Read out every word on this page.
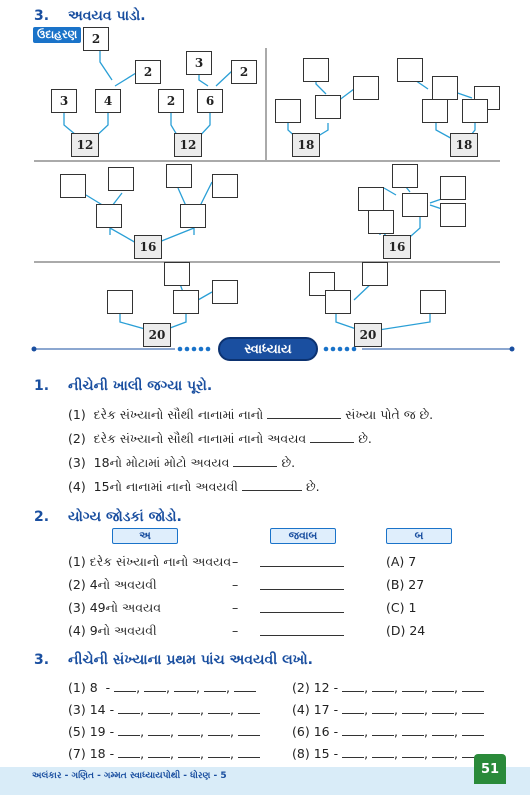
3. અવયવ પાડો.
ઉદાહરણ	2
2
3	4
12
3
2
2	6
12	18	18
16	16
20	20
સ્વાધ્યાય
1. નીચેની ખાલી જગ્યા પૂરો.
(1) દરેક સંખ્યાનો સૌથી નાનામાં નાનો	સંખ્યા પોતે જ છે.
(2) દરેક સંખ્યાનો સૌથી નાનામાં નાનો અવયવ	છે.
(3) 18નો મોટામાં મોટો અવયવ	છે.
(4) 15નો નાનામાં નાનો અવયવી	છે.
2. યોગ્ય જોડકાં જોડો.
અ	જવાબ	બ
(1) દરેક સંખ્યાનો નાનો અવયવ –	(A) 7
(2) 4નો અવયવી	–	(B) 27
(3) 49નો અવયવ	–	(C) 1
(4) 9નો અવયવી	–	(D) 24
3. નીચેની સંખ્યાના પ્રથમ પાંચ અવયવી લખો.
(1) 8  - , , , ,	(2) 12 - , , , ,
(3) 14 - , , , ,	(4) 17 - , , , ,
(5) 19 - , , , ,	(6) 16 - , , , ,
(7) 18 - , , , ,	(8) 15 - , , , ,
અલંકાર - ગણિત - ગમ્મત સ્વાધ્યાયપોથી - ધોરણ - 5	51
